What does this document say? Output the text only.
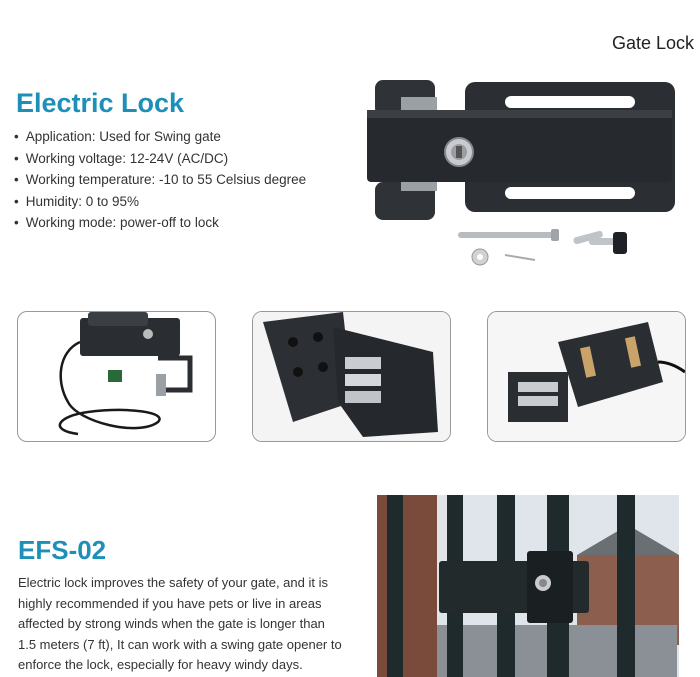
Gate Lock
Electric Lock
• Application: Used for Swing gate
• Working voltage: 12-24V (AC/DC)
• Working temperature: -10 to 55 Celsius degree
• Humidity: 0 to 95%
• Working mode: power-off to lock
EFS-02
Electric lock improves the safety of your gate, and it is highly recommended if you have pets or live in areas affected by strong winds when the gate is longer than 1.5 meters (7 ft), It can work with a swing gate opener to enforce the lock, especially for heavy windy days.
